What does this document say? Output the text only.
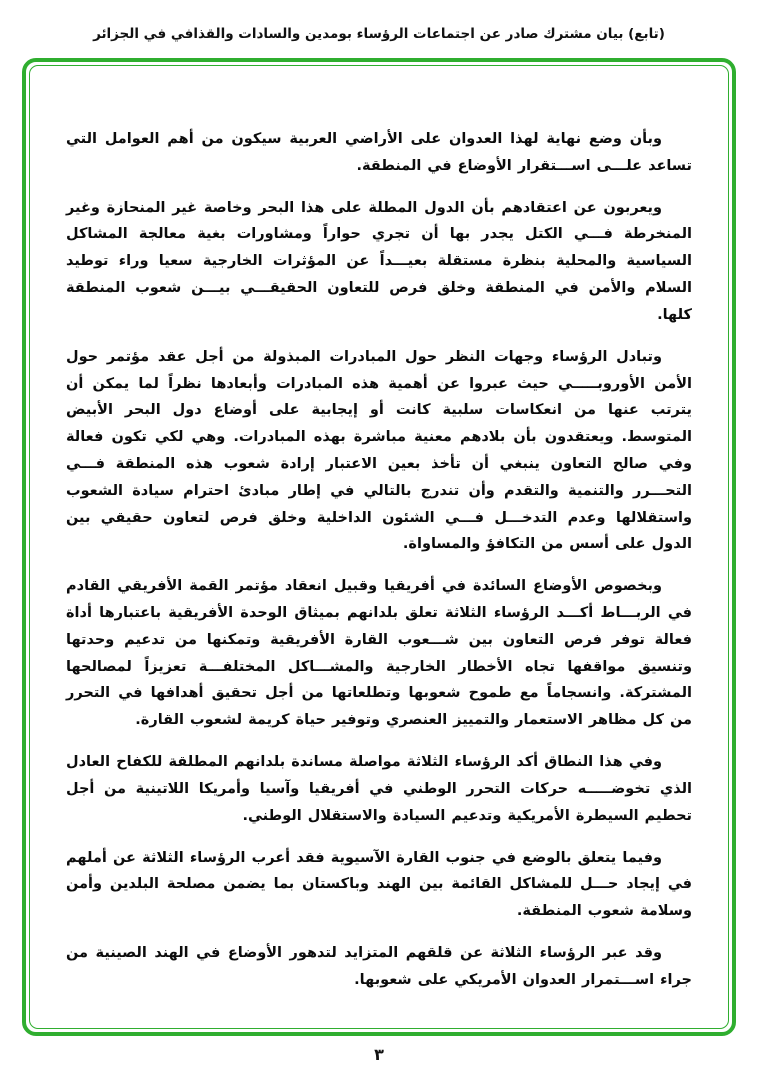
(تابع) بيان مشترك صادر عن اجتماعات الرؤساء بومدين والسادات والقذافي في الجزائر

وبأن وضع نهاية لهذا العدوان على الأراضي العربية سيكون من أهم العوامل التي تساعد علـــى اســـتقرار الأوضاع في المنطقة.

ويعربون عن اعتقادهم بأن الدول المطلة على هذا البحر وخاصة غير المنحازة وغير المنخرطة فـــي الكتل يجدر بها أن تجري حواراً ومشاورات بغية معالجة المشاكل السياسية والمحلية بنظرة مستقلة بعيـــداً عن المؤثرات الخارجية سعيا وراء توطيد السلام والأمن في المنطقة وخلق فرص للتعاون الحقيقـــي بيـــن شعوب المنطقة كلها.

وتبادل الرؤساء وجهات النظر حول المبادرات المبذولة من أجل عقد مؤتمر حول الأمن الأوروبـــــي حيث عبروا عن أهمية هذه المبادرات وأبعادها نظراً لما يمكن أن يترتب عنها من انعكاسات سلبية كانت أو إيجابية على أوضاع دول البحر الأبيض المتوسط. ويعتقدون بأن بلادهم معنية مباشرة بهذه المبادرات. وهي لكي تكون فعالة وفي صالح التعاون ينبغي أن تأخذ بعين الاعتبار إرادة شعوب هذه المنطقة فـــي التحـــرر والتنمية والتقدم وأن تندرج بالتالي في إطار مبادئ احترام سيادة الشعوب واستقلالها وعدم التدخـــل فـــي الشئون الداخلية وخلق فرص لتعاون حقيقي بين الدول على أسس من التكافؤ والمساواة.

وبخصوص الأوضاع السائدة في أفريقيا وقبيل انعقاد مؤتمر القمة الأفريقي القادم في الربـــاط أكـــد الرؤساء الثلاثة تعلق بلدانهم بميثاق الوحدة الأفريقية باعتبارها أداة فعالة توفر فرص التعاون بين شـــعوب القارة الأفريقية وتمكنها من تدعيم وحدتها وتنسيق مواقفها تجاه الأخطار الخارجية والمشـــاكل المختلفـــة تعزيزاً لمصالحها المشتركة. وانسجاماً مع طموح شعوبها وتطلعاتها من أجل تحقيق أهدافها في التحرر من كل مظاهر الاستعمار والتمييز العنصري وتوفير حياة كريمة لشعوب القارة.

وفي هذا النطاق أكد الرؤساء الثلاثة مواصلة مساندة بلدانهم المطلقة للكفاح العادل الذي تخوضـــــه حركات التحرر الوطني في أفريقيا وآسيا وأمريكا اللاتينية من أجل تحطيم السيطرة الأمريكية وتدعيم السيادة والاستقلال الوطني.

وفيما يتعلق بالوضع في جنوب القارة الآسيوية فقد أعرب الرؤساء الثلاثة عن أملهم في إيجاد حـــل للمشاكل القائمة بين الهند وباكستان بما يضمن مصلحة البلدين وأمن وسلامة شعوب المنطقة.

وقد عبر الرؤساء الثلاثة عن قلقهم المتزايد لتدهور الأوضاع في الهند الصينية من جراء اســـتمرار العدوان الأمريكي على شعوبها.

٣
